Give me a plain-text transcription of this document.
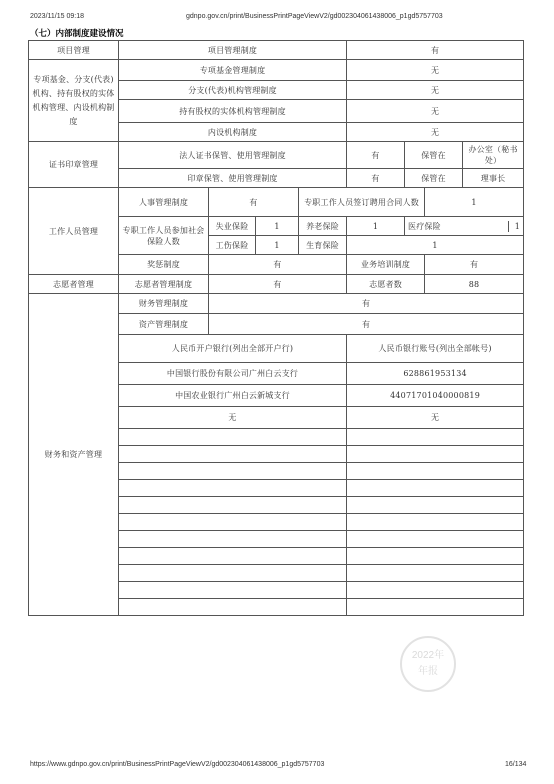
2023/11/15 09:18	gdnpo.gov.cn/print/BusinessPrintPageViewV2/gd002304061438006_p1gd5757703
（七）内部制度建设情况
项目管理	项目管理制度				有			
专项基金、分支(代表)机构、持有股权的实体机构管理、内设机构制度	专项基金管理制度				无			
	分支(代表)机构管理制度				无			
	持有股权的实体机构管理制度				无			
	内设机构制度				无			
证书印章管理	法人证书保管、使用管理制度				有	保管在		办公室（秘书处）
	印章保管、使用管理制度				有	保管在		理事长
工作人员管理	人事管理制度	有		专职工作人员签订聘用合同人数			1	
	专职工作人员参加社会保险人数	失业保险	1	养老保险	1	医疗保险 1		

		工伤保险	1	生育保险	1			
	奖惩制度	有			业务培训制度		有	
志愿者管理	志愿者管理制度	有			志愿者数		88	
财务和资产管理	财务管理制度	有						
	资产管理制度	有						
	人民币开户银行(列出全部开户行)				人民币银行账号(列出全部帐号)			
	中国银行股份有限公司广州白云支行				628861953134			
	中国农业银行广州白云新城支行				44071701040000819			
	无				无			

2022年
年报
https://www.gdnpo.gov.cn/print/BusinessPrintPageViewV2/gd002304061438006_p1gd5757703	16/134
